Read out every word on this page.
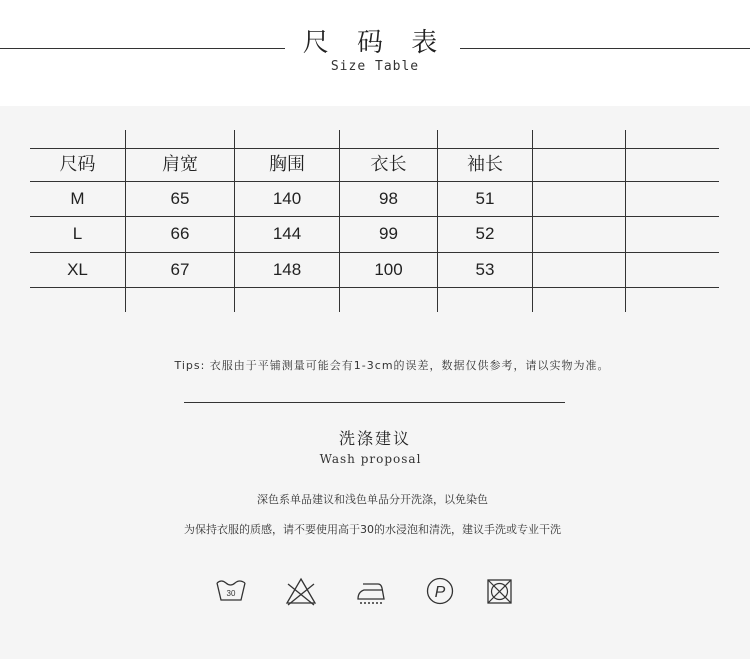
尺 码 表
Size Table
尺码	肩宽	胸围	衣长	袖长
M	65	140	98	51
L	66	144	99	52
XL	67	148	100	53
Tips: 衣服由于平铺测量可能会有1-3cm的误差，数据仅供参考，请以实物为准。
洗涤建议
Wash proposal
深色系单品建议和浅色单品分开洗涤，以免染色
为保持衣服的质感，请不要使用高于30的水浸泡和清洗，建议手洗或专业干洗
30	P
